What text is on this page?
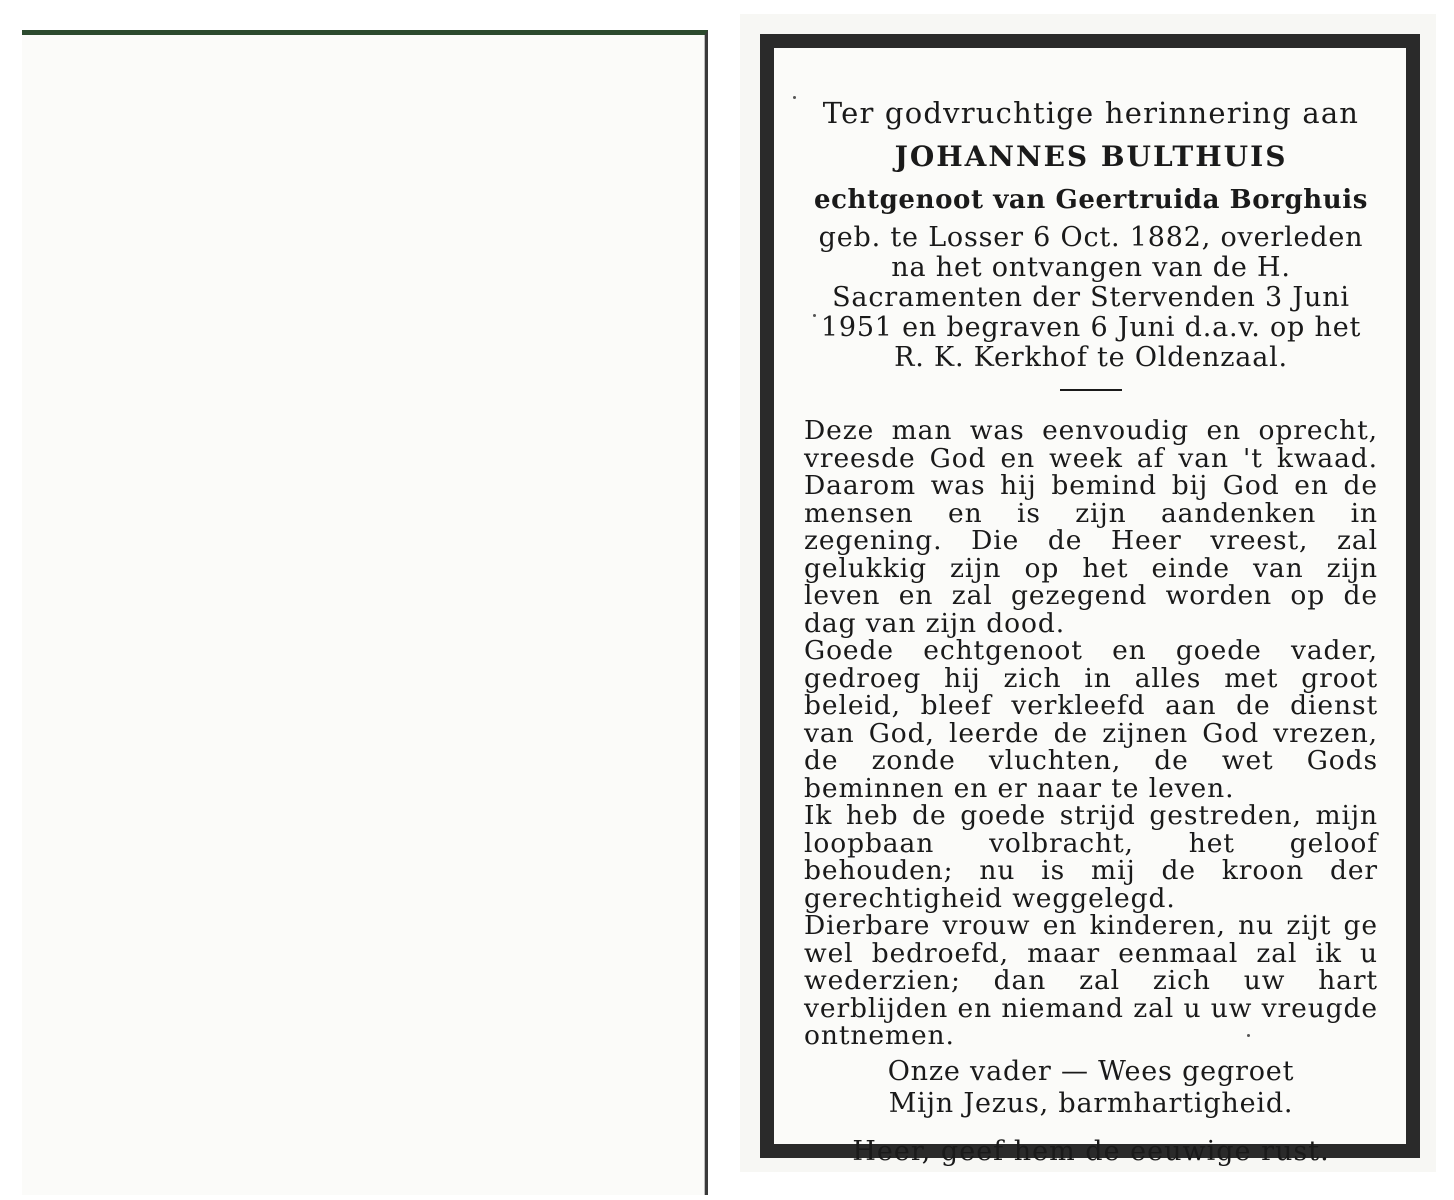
Ter godvruchtige herinnering aan

JOHANNES BULTHUIS

echtgenoot van Geertruida Borghuis

geb. te Losser 6 Oct. 1882, overleden na het ontvangen van de H. Sacramenten der Stervenden 3 Juni 1951 en begraven 6 Juni d.a.v. op het R. K. Kerkhof te Oldenzaal.

Deze man was eenvoudig en oprecht, vreesde God en week af van 't kwaad. Daarom was hij bemind bij God en de mensen en is zijn aandenken in zegening. Die de Heer vreest, zal gelukkig zijn op het einde van zijn leven en zal gezegend worden op de dag van zijn dood.

Goede echtgenoot en goede vader, gedroeg hij zich in alles met groot beleid, bleef verkleefd aan de dienst van God, leerde de zijnen God vrezen, de zonde vluchten, de wet Gods beminnen en er naar te leven.

Ik heb de goede strijd gestreden, mijn loopbaan volbracht, het geloof behouden; nu is mij de kroon der gerechtigheid weggelegd.

Dierbare vrouw en kinderen, nu zijt ge wel bedroefd, maar eenmaal zal ik u wederzien; dan zal zich uw hart verblijden en niemand zal u uw vreugde ontnemen.

Onze vader — Wees gegroet

Mijn Jezus, barmhartigheid.

Heer, geef hem de eeuwige rust.
